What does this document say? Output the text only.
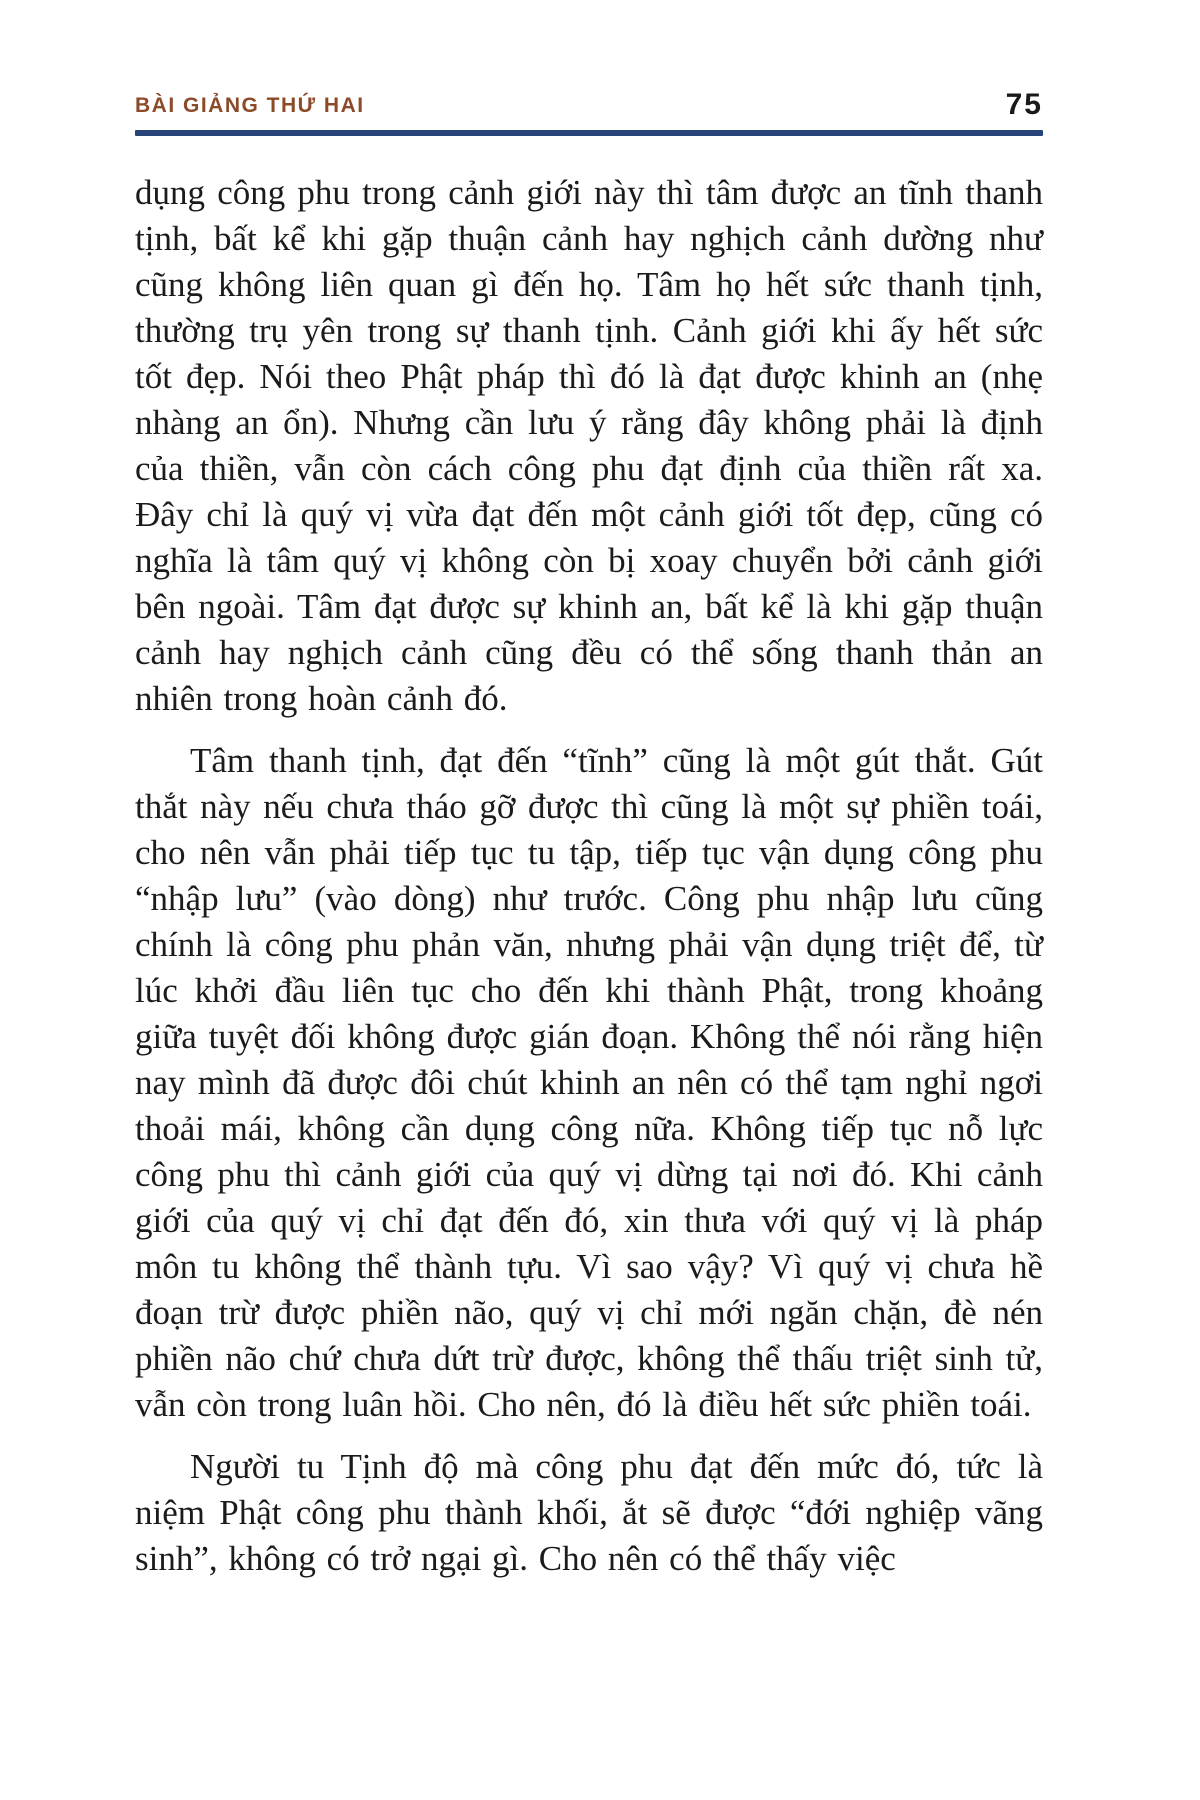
BÀI GIẢNG THỨ HAI	75

dụng công phu trong cảnh giới này thì tâm được an tĩnh thanh tịnh, bất kể khi gặp thuận cảnh hay nghịch cảnh dường như cũng không liên quan gì đến họ. Tâm họ hết sức thanh tịnh, thường trụ yên trong sự thanh tịnh. Cảnh giới khi ấy hết sức tốt đẹp. Nói theo Phật pháp thì đó là đạt được khinh an (nhẹ nhàng an ổn). Nhưng cần lưu ý rằng đây không phải là định của thiền, vẫn còn cách công phu đạt định của thiền rất xa. Đây chỉ là quý vị vừa đạt đến một cảnh giới tốt đẹp, cũng có nghĩa là tâm quý vị không còn bị xoay chuyển bởi cảnh giới bên ngoài. Tâm đạt được sự khinh an, bất kể là khi gặp thuận cảnh hay nghịch cảnh cũng đều có thể sống thanh thản an nhiên trong hoàn cảnh đó.

Tâm thanh tịnh, đạt đến “tĩnh” cũng là một gút thắt. Gút thắt này nếu chưa tháo gỡ được thì cũng là một sự phiền toái, cho nên vẫn phải tiếp tục tu tập, tiếp tục vận dụng công phu “nhập lưu” (vào dòng) như trước. Công phu nhập lưu cũng chính là công phu phản văn, nhưng phải vận dụng triệt để, từ lúc khởi đầu liên tục cho đến khi thành Phật, trong khoảng giữa tuyệt đối không được gián đoạn. Không thể nói rằng hiện nay mình đã được đôi chút khinh an nên có thể tạm nghỉ ngơi thoải mái, không cần dụng công nữa. Không tiếp tục nỗ lực công phu thì cảnh giới của quý vị dừng tại nơi đó. Khi cảnh giới của quý vị chỉ đạt đến đó, xin thưa với quý vị là pháp môn tu không thể thành tựu. Vì sao vậy? Vì quý vị chưa hề đoạn trừ được phiền não, quý vị chỉ mới ngăn chặn, đè nén phiền não chứ chưa dứt trừ được, không thể thấu triệt sinh tử, vẫn còn trong luân hồi. Cho nên, đó là điều hết sức phiền toái.

Người tu Tịnh độ mà công phu đạt đến mức đó, tức là niệm Phật công phu thành khối, ắt sẽ được “đới nghiệp vãng sinh”, không có trở ngại gì. Cho nên có thể thấy việc
